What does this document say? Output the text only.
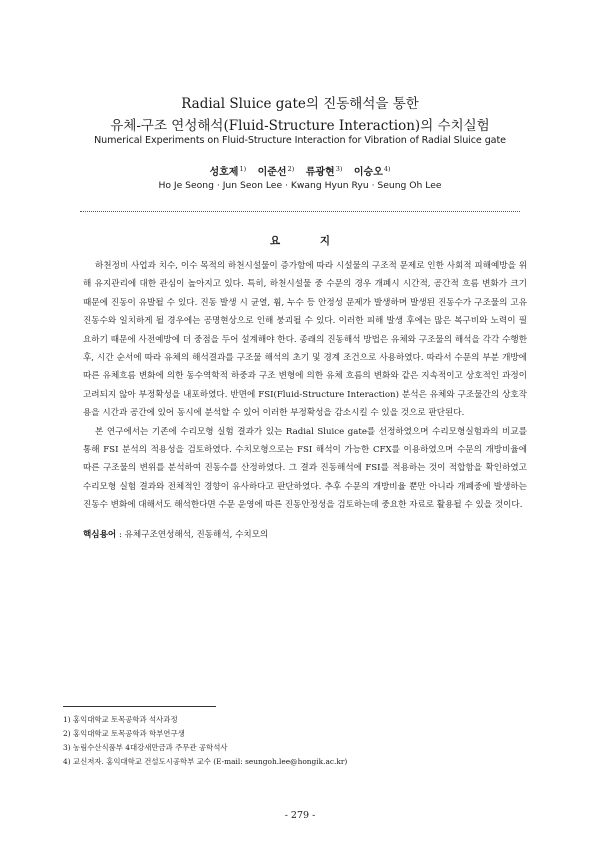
Radial Sluice gate의 진동해석을 통한
유체-구조 연성해석(Fluid-Structure Interaction)의 수치실험
Numerical Experiments on Fluid-Structure Interaction for Vibration of Radial Sluice gate
성호제$^{1)}$ 이준선$^{2)}$ 류광현$^{3)}$ 이승오$^{4)}$
Ho Je Seong · Jun Seon Lee · Kwang Hyun Ryu · Seung Oh Lee
요 지

하천정비 사업과 치수, 이수 목적의 하천시설물이 증가함에 따라 시설물의 구조적 문제로 인한 사회적 피해예방을 위해 유지관리에 대한 관심이 높아지고 있다. 특히, 하천시설물 중 수문의 경우 개폐시 시간적, 공간적 흐름 변화가 크기 때문에 진동이 유발될 수 있다. 진동 발생 시 균열, 휨, 누수 등 안정성 문제가 발생하며 발생된 진동수가 구조물의 고유진동수와 일치하게 될 경우에는 공명현상으로 인해 붕괴될 수 있다. 이러한 피해 발생 후에는 많은 복구비와 노력이 필요하기 때문에 사전예방에 더 중점을 두어 설계해야 한다. 종래의 진동해석 방법은 유체와 구조물의 해석을 각각 수행한 후, 시간 순서에 따라 유체의 해석결과를 구조물 해석의 초기 및 경계 조건으로 사용하였다. 따라서 수문의 부분 개방에 따른 유체흐름 변화에 의한 동수역학적 하중과 구조 변형에 의한 유체 흐름의 변화와 같은 지속적이고 상호적인 과정이 고려되지 않아 부정확성을 내포하였다. 반면에 FSI(Fluid-Structure Interaction) 분석은 유체와 구조물간의 상호작용을 시간과 공간에 있어 동시에 분석할 수 있어 이러한 부정확성을 감소시킬 수 있을 것으로 판단된다.

본 연구에서는 기존에 수리모형 실험 결과가 있는 Radial Sluice gate를 선정하였으며 수리모형실험과의 비교를 통해 FSI 분석의 적용성을 검토하였다. 수치모형으로는 FSI 해석이 가능한 CFX를 이용하였으며 수문의 개방비율에 따른 구조물의 변위를 분석하여 진동수를 산정하였다. 그 결과 진동해석에 FSI를 적용하는 것이 적합함을 확인하였고 수리모형 실험 결과와 전체적인 경향이 유사하다고 판단하였다. 추후 수문의 개방비율 뿐만 아니라 개폐중에 발생하는 진동수 변화에 대해서도 해석한다면 수문 운영에 따른 진동안정성을 검토하는데 중요한 자료로 활용될 수 있을 것이다.

핵심용어 : 유체구조연성해석, 진동해석, 수치모의
1) 홍익대학교 토목공학과 석사과정
2) 홍익대학교 토목공학과 학부연구생
3) 농림수산식품부 4대강새만금과 주무관 공학석사
4) 교신저자. 홍익대학교 건설도시공학부 교수 (E-mail: seungoh.lee@hongik.ac.kr)
- 279 -
